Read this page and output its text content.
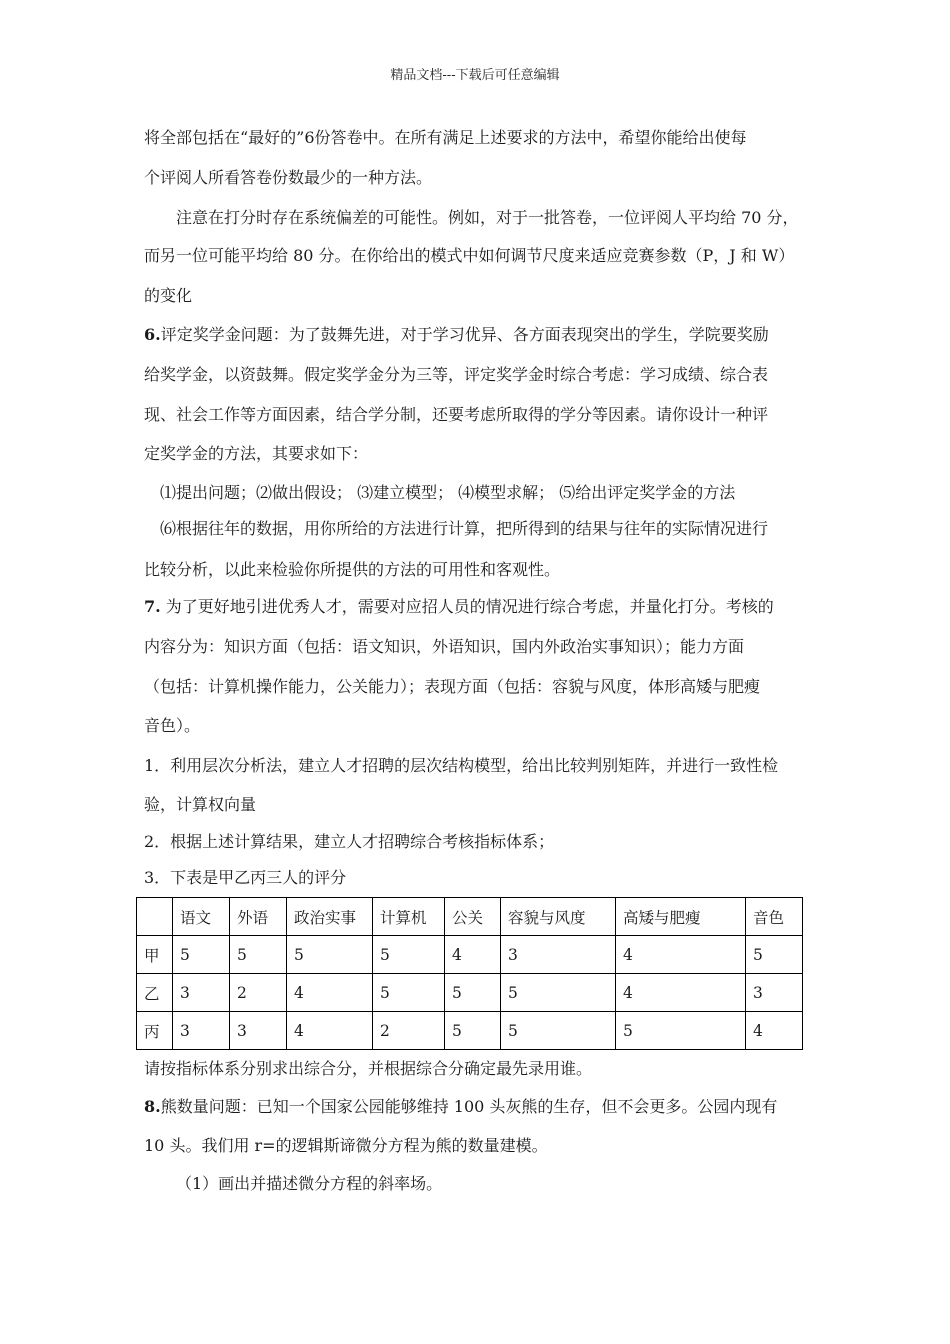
精品文档---下载后可任意编辑
将全部包括在“最好的”6份答卷中。在所有满足上述要求的方法中，希望你能给出使每
个评阅人所看答卷份数最少的一种方法。
注意在打分时存在系统偏差的可能性。例如，对于一批答卷，一位评阅人平均给 70 分，
而另一位可能平均给 80 分。在你给出的模式中如何调节尺度来适应竞赛参数（P，J 和 W）
的变化
6.评定奖学金问题：为了鼓舞先进，对于学习优异、各方面表现突出的学生，学院要奖励
给奖学金，以资鼓舞。假定奖学金分为三等，评定奖学金时综合考虑：学习成绩、综合表
现、社会工作等方面因素，结合学分制，还要考虑所取得的学分等因素。请你设计一种评
定奖学金的方法，其要求如下：
⑴提出问题；⑵做出假设； ⑶建立模型； ⑷模型求解； ⑸给出评定奖学金的方法
⑹根据往年的数据，用你所给的方法进行计算，把所得到的结果与往年的实际情况进行
比较分析，以此来检验你所提供的方法的可用性和客观性。
7. 为了更好地引进优秀人才，需要对应招人员的情况进行综合考虑，并量化打分。考核的
内容分为：知识方面（包括：语文知识，外语知识，国内外政治实事知识）；能力方面
（包括：计算机操作能力，公关能力）；表现方面（包括：容貌与风度，体形高矮与肥瘦
音色）。
1．利用层次分析法，建立人才招聘的层次结构模型，给出比较判别矩阵，并进行一致性检
验，计算权向量
2．根据上述计算结果，建立人才招聘综合考核指标体系；
3．下表是甲乙丙三人的评分
	语文	外语	政治实事	计算机	公关	容貌与风度	高矮与肥瘦	音色
甲	5	5	5	5	4	3	4	5
乙	3	2	4	5	5	5	4	3
丙	3	3	4	2	5	5	5	4
请按指标体系分别求出综合分，并根据综合分确定最先录用谁。
8.熊数量问题：已知一个国家公园能够维持 100 头灰熊的生存，但不会更多。公园内现有
10 头。我们用 r=的逻辑斯谛微分方程为熊的数量建模。
（1）画出并描述微分方程的斜率场。
